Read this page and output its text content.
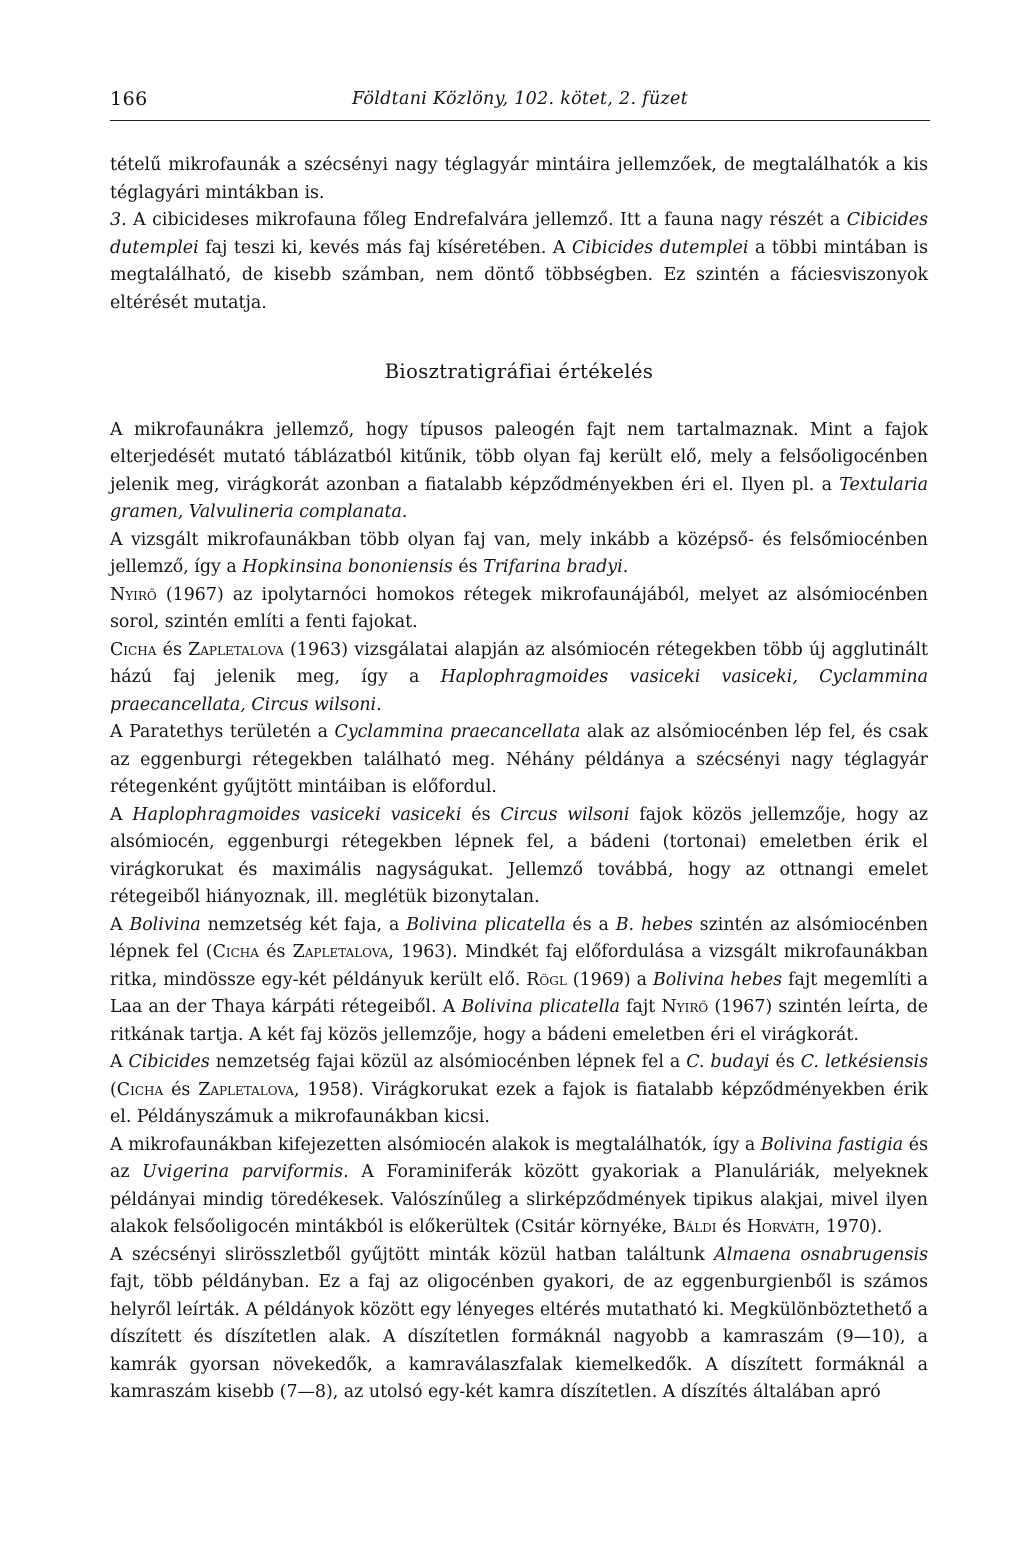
166	Földtani Közlöny, 102. kötet, 2. füzet

tételű mikrofaunák a szécsényi nagy téglagyár mintáira jellemzőek, de megtalálhatók a kis téglagyári mintákban is.

3. A cibicideses mikrofauna főleg Endrefalvára jellemző. Itt a fauna nagy részét a Cibicides dutemplei faj teszi ki, kevés más faj kíséretében. A Cibicides dutemplei a többi mintában is megtalálható, de kisebb számban, nem döntő többségben. Ez szintén a fáciesviszonyok eltérését mutatja.

Biosztratigráfiai értékelés

A mikrofaunákra jellemző, hogy típusos paleogén fajt nem tartalmaznak. Mint a fajok elterjedését mutató táblázatból kitűnik, több olyan faj került elő, mely a felsőoligocénben jelenik meg, virágkorát azonban a fiatalabb képződményekben éri el. Ilyen pl. a Textularia gramen, Valvulineria complanata.

A vizsgált mikrofaunákban több olyan faj van, mely inkább a középső- és felsőmiocénben jellemző, így a Hopkinsina bononiensis és Trifarina bradyi.
Nyirő (1967) az ipolytarnóci homokos rétegek mikrofaunájából, melyet az alsómiocénben sorol, szintén említi a fenti fajokat.

Cicha és Zapletalova (1963) vizsgálatai alapján az alsómiocén rétegekben több új agglutinált házú faj jelenik meg, így a Haplophragmoides vasiceki vasiceki, Cyclammina praecancellata, Circus wilsoni.

A Paratethys területén a Cyclammina praecancellata alak az alsómiocénben lép fel, és csak az eggenburgi rétegekben található meg. Néhány példánya a szécsényi nagy téglagyár rétegenként gyűjtött mintáiban is előfordul.

A Haplophragmoides vasiceki vasiceki és Circus wilsoni fajok közös jellemzője, hogy az alsómiocén, eggenburgi rétegekben lépnek fel, a bádeni (tortonai) emeletben érik el virágkorukat és maximális nagyságukat. Jellemző továbbá, hogy az ottnangi emelet rétegeiből hiányoznak, ill. meglétük bizonytalan.

A Bolivina nemzetség két faja, a Bolivina plicatella és a B. hebes szintén az alsómiocénben lépnek fel (Cicha és Zapletalova, 1963). Mindkét faj előfordulása a vizsgált mikrofaunákban ritka, mindössze egy-két példányuk került elő. Rögl (1969) a Bolivina hebes fajt megemlíti a Laa an der Thaya kárpáti rétegeiből. A Bolivina plicatella fajt Nyirő (1967) szintén leírta, de ritkának tartja. A két faj közös jellemzője, hogy a bádeni emeletben éri el virágkorát.

A Cibicides nemzetség fajai közül az alsómiocénben lépnek fel a C. budayi és C. letkésiensis (Cicha és Zapletalova, 1958). Virágkorukat ezek a fajok is fiatalabb képződményekben érik el. Példányszámuk a mikrofaunákban kicsi.

A mikrofaunákban kifejezetten alsómiocén alakok is megtalálhatók, így a Bolivina fastigia és az Uvigerina parviformis. A Foraminiferák között gyakoriak a Planuláriák, melyeknek példányai mindig töredékesek. Valószínűleg a slirképződmények tipikus alakjai, mivel ilyen alakok felsőoligocén mintákból is előkerültek (Csitár környéke, Báldi és Horváth, 1970).

A szécsényi slirösszletből gyűjtött minták közül hatban találtunk Almaena osnabrugensis fajt, több példányban. Ez a faj az oligocénben gyakori, de az eggenburgienből is számos helyről leírták. A példányok között egy lényeges eltérés mutatható ki. Megkülönböztethető a díszített és díszítetlen alak. A díszítetlen formáknál nagyobb a kamraszám (9—10), a kamrák gyorsan növekedők, a kamraválaszfalak kiemelkedők. A díszített formáknál a kamraszám kisebb (7—8), az utolsó egy-két kamra díszítetlen. A díszítés általában apró
